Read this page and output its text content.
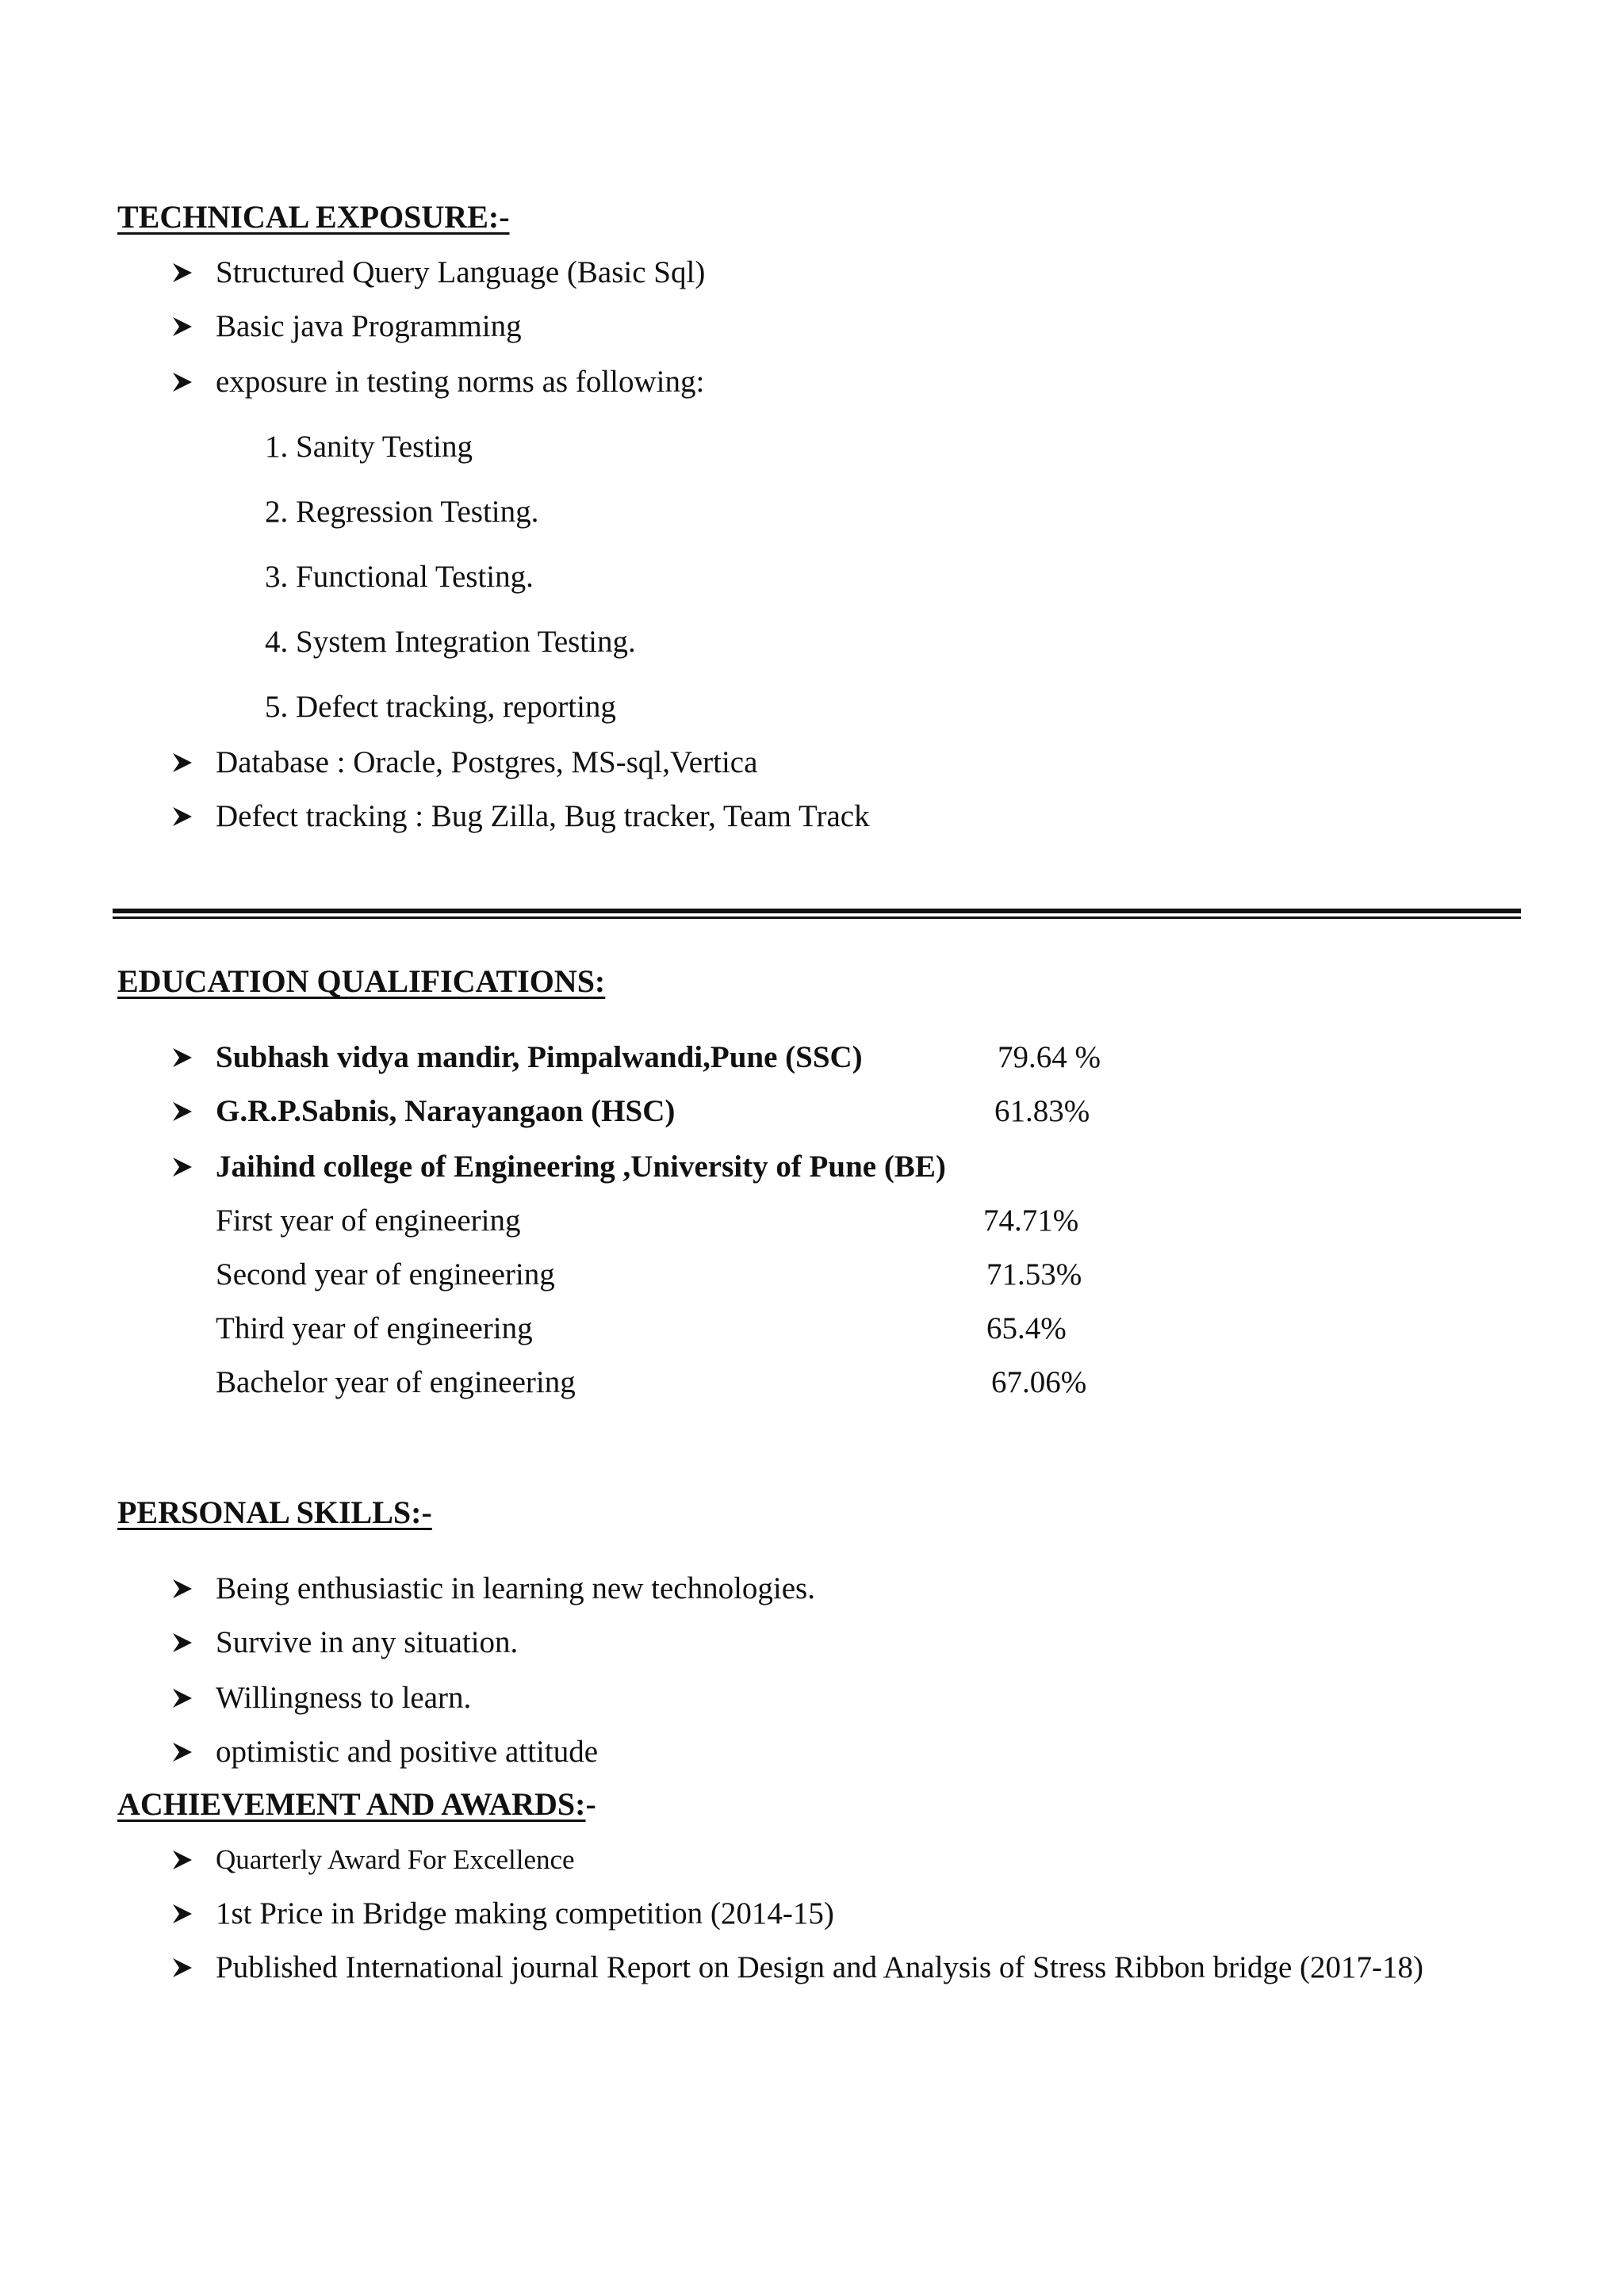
TECHNICAL EXPOSURE:-
Structured Query Language (Basic Sql)
Basic java Programming
exposure in testing norms as following:
1. Sanity Testing
2. Regression Testing.
3. Functional Testing.
4. System Integration Testing.
5. Defect tracking, reporting
Database : Oracle, Postgres, MS-sql,Vertica
Defect tracking : Bug Zilla, Bug tracker, Team Track
EDUCATION QUALIFICATIONS:
Subhash vidya mandir, Pimpalwandi,Pune (SSC)	79.64 %
G.R.P.Sabnis, Narayangaon (HSC)	61.83%
Jaihind college of Engineering ,University of Pune (BE)
First year of engineering	74.71%
Second year of engineering	71.53%
Third year of engineering	65.4%
Bachelor year of engineering	67.06%
PERSONAL SKILLS:-
Being enthusiastic in learning new technologies.
Survive in any situation.
Willingness to learn.
optimistic and positive attitude
ACHIEVEMENT AND AWARDS:-
Quarterly Award For Excellence
1st Price in Bridge making competition (2014-15)
Published International journal Report on Design and Analysis of Stress Ribbon bridge (2017-18)
